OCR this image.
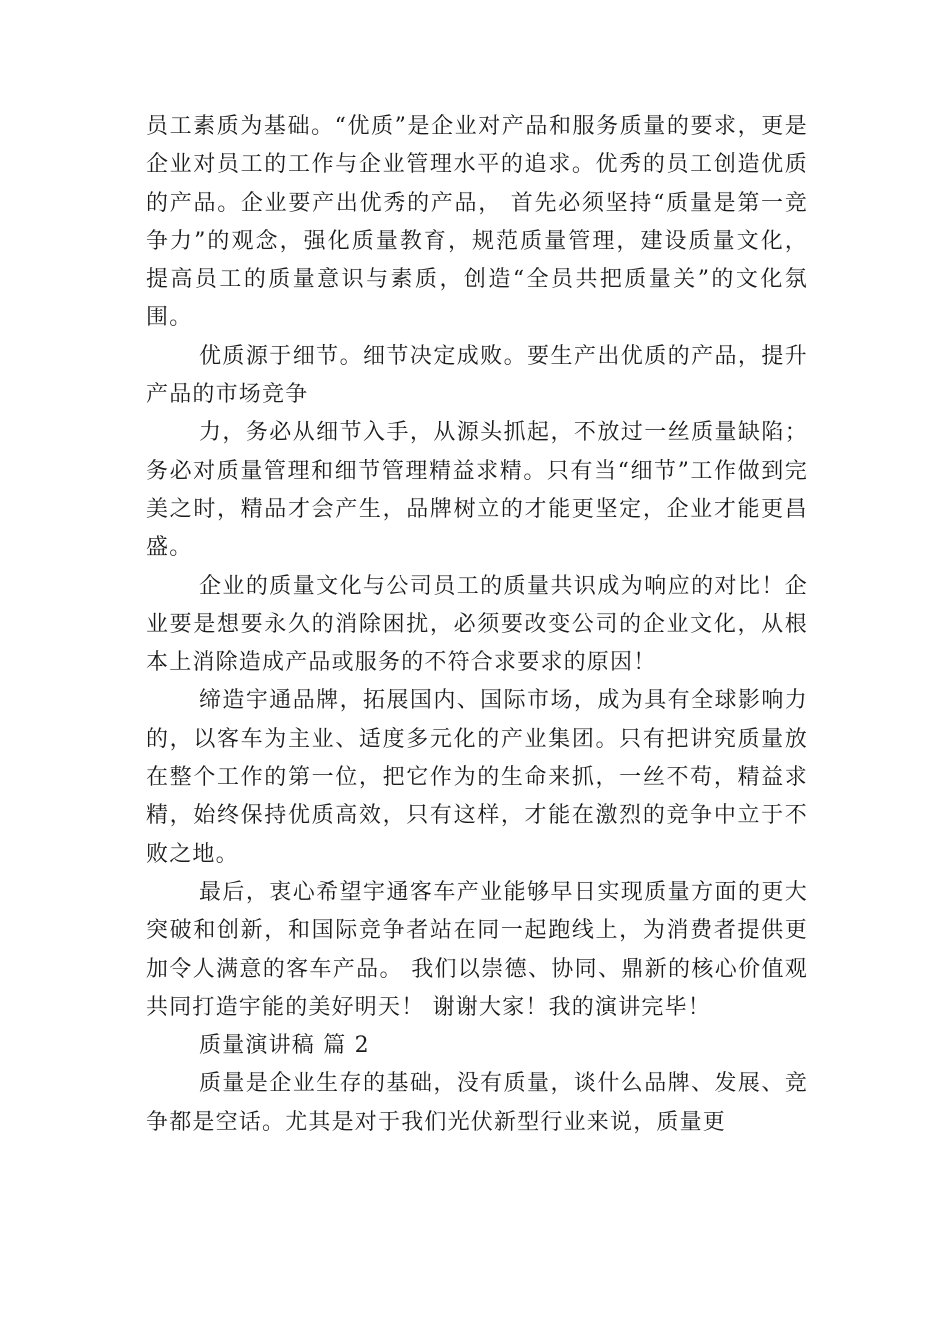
员工素质为基础。“优质”是企业对产品和服务质量的要求，更是企业对员工的工作与企业管理水平的追求。优秀的员工创造优质的产品。企业要产出优秀的产品， 首先必须坚持“质量是第一竞争力”的观念，强化质量教育，规范质量管理，建设质量文化，提高员工的质量意识与素质，创造“全员共把质量关”的文化氛围。

优质源于细节。细节决定成败。要生产出优质的产品，提升产品的市场竞争

力，务必从细节入手，从源头抓起，不放过一丝质量缺陷；务必对质量管理和细节管理精益求精。只有当“细节”工作做到完美之时，精品才会产生，品牌树立的才能更坚定，企业才能更昌盛。

企业的质量文化与公司员工的质量共识成为响应的对比！企业要是想要永久的消除困扰，必须要改变公司的企业文化，从根本上消除造成产品或服务的不符合求要求的原因！

缔造宇通品牌，拓展国内、国际市场，成为具有全球影响力的，以客车为主业、适度多元化的产业集团。只有把讲究质量放在整个工作的第一位，把它作为的生命来抓，一丝不苟，精益求精，始终保持优质高效，只有这样，才能在激烈的竞争中立于不败之地。

最后，衷心希望宇通客车产业能够早日实现质量方面的更大突破和创新，和国际竞争者站在同一起跑线上，为消费者提供更加令人满意的客车产品。 我们以崇德、协同、鼎新的核心价值观共同打造宇能的美好明天！ 谢谢大家！我的演讲完毕！

质量演讲稿 篇 2

质量是企业生存的基础，没有质量，谈什么品牌、发展、竞争都是空话。尤其是对于我们光伏新型行业来说，质量更
